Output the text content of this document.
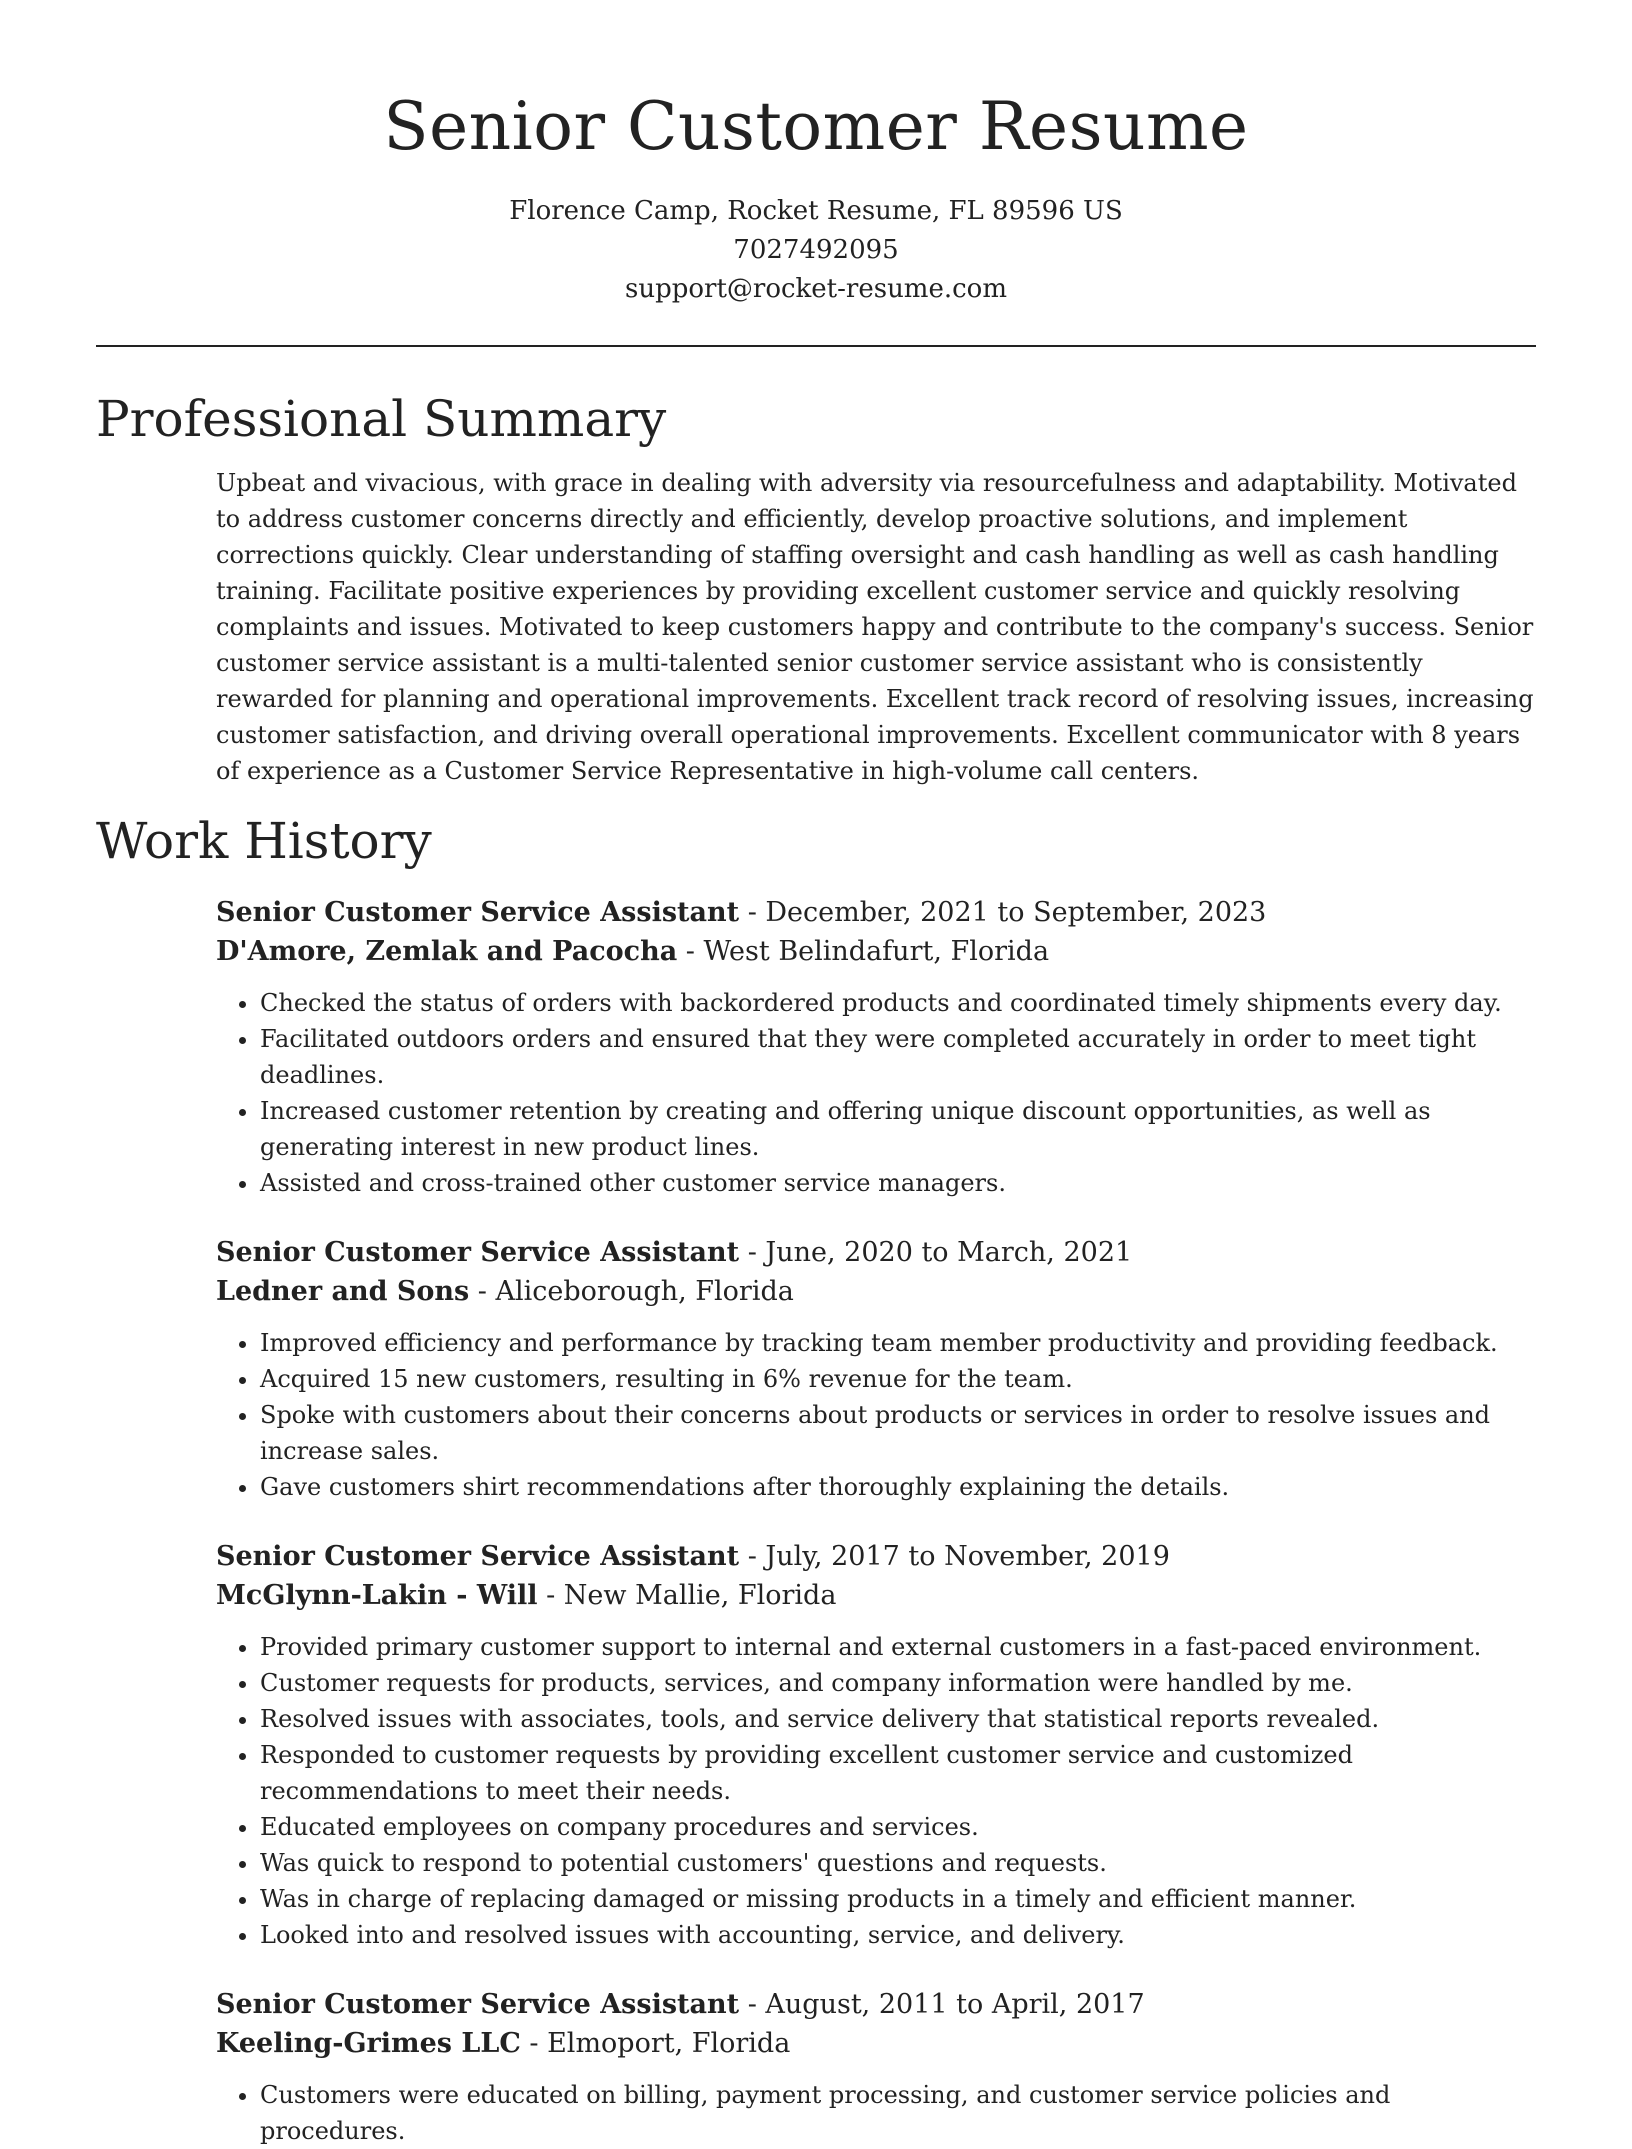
Senior Customer Resume
Florence Camp, Rocket Resume, FL 89596 US
7027492095
support@rocket-resume.com
Professional Summary
Upbeat and vivacious, with grace in dealing with adversity via resourcefulness and adaptability. Motivated to address customer concerns directly and efficiently, develop proactive solutions, and implement corrections quickly. Clear understanding of staffing oversight and cash handling as well as cash handling training. Facilitate positive experiences by providing excellent customer service and quickly resolving complaints and issues. Motivated to keep customers happy and contribute to the company's success. Senior customer service assistant is a multi-talented senior customer service assistant who is consistently rewarded for planning and operational improvements. Excellent track record of resolving issues, increasing customer satisfaction, and driving overall operational improvements. Excellent communicator with 8 years of experience as a Customer Service Representative in high-volume call centers.
Work History
Senior Customer Service Assistant - December, 2021 to September, 2023
D'Amore, Zemlak and Pacocha - West Belindafurt, Florida
• Checked the status of orders with backordered products and coordinated timely shipments every day.
• Facilitated outdoors orders and ensured that they were completed accurately in order to meet tight deadlines.
• Increased customer retention by creating and offering unique discount opportunities, as well as generating interest in new product lines.
• Assisted and cross-trained other customer service managers.
Senior Customer Service Assistant - June, 2020 to March, 2021
Ledner and Sons - Aliceborough, Florida
• Improved efficiency and performance by tracking team member productivity and providing feedback.
• Acquired 15 new customers, resulting in 6% revenue for the team.
• Spoke with customers about their concerns about products or services in order to resolve issues and increase sales.
• Gave customers shirt recommendations after thoroughly explaining the details.
Senior Customer Service Assistant - July, 2017 to November, 2019
McGlynn-Lakin - Will - New Mallie, Florida
• Provided primary customer support to internal and external customers in a fast-paced environment.
• Customer requests for products, services, and company information were handled by me.
• Resolved issues with associates, tools, and service delivery that statistical reports revealed.
• Responded to customer requests by providing excellent customer service and customized recommendations to meet their needs.
• Educated employees on company procedures and services.
• Was quick to respond to potential customers' questions and requests.
• Was in charge of replacing damaged or missing products in a timely and efficient manner.
• Looked into and resolved issues with accounting, service, and delivery.
Senior Customer Service Assistant - August, 2011 to April, 2017
Keeling-Grimes LLC - Elmoport, Florida
• Customers were educated on billing, payment processing, and customer service policies and procedures.
